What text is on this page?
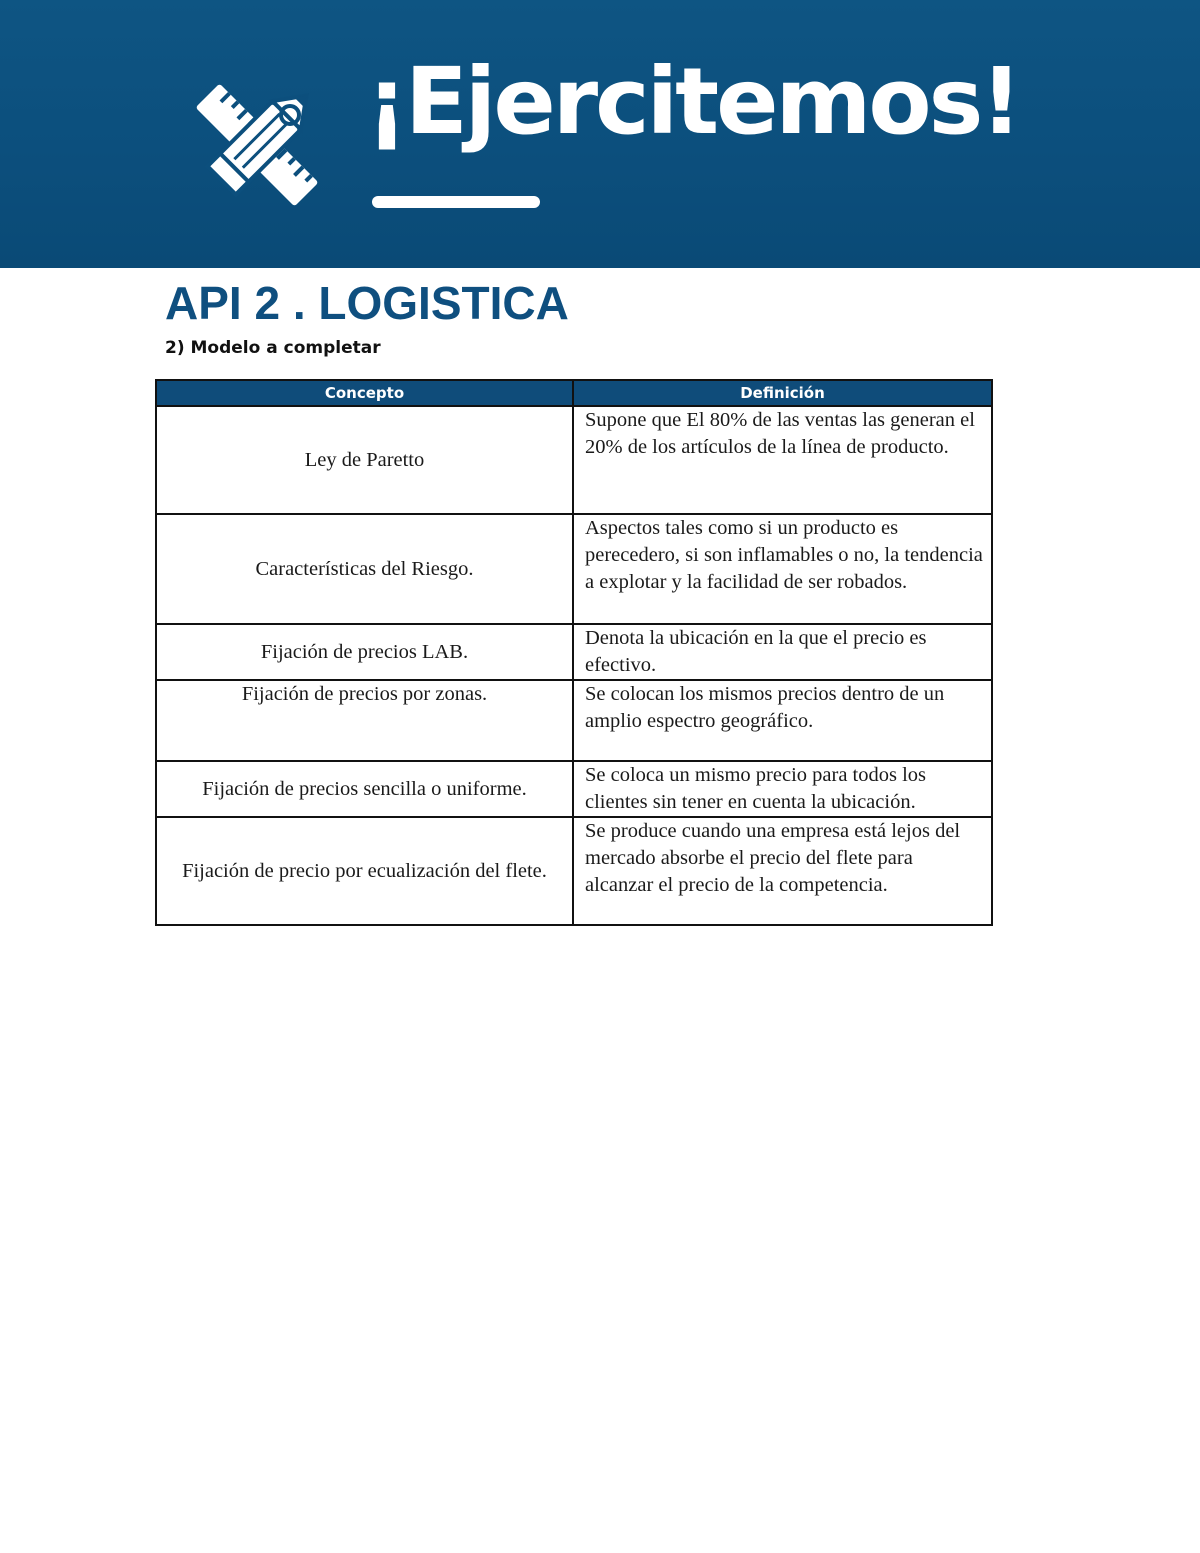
¡Ejercitemos!
API 2 . LOGISTICA

2) Modelo a completar

Concepto	Definición
Ley de Paretto	Supone que El 80% de las ventas las generan el 20% de los artículos de la línea de producto.
Características del Riesgo.	Aspectos tales como si un producto es perecedero, si son inflamables o no, la tendencia a explotar y la facilidad de ser robados.
Fijación de precios LAB.	Denota la ubicación en la que el precio es efectivo.
Fijación de precios por zonas.	Se colocan los mismos precios dentro de un amplio espectro geográfico.
Fijación de precios sencilla o uniforme.	Se coloca un mismo precio para todos los clientes sin tener en cuenta la ubicación.
Fijación de precio por ecualización del flete.	Se produce cuando una empresa está lejos del mercado absorbe el precio del flete para alcanzar el precio de la competencia.
